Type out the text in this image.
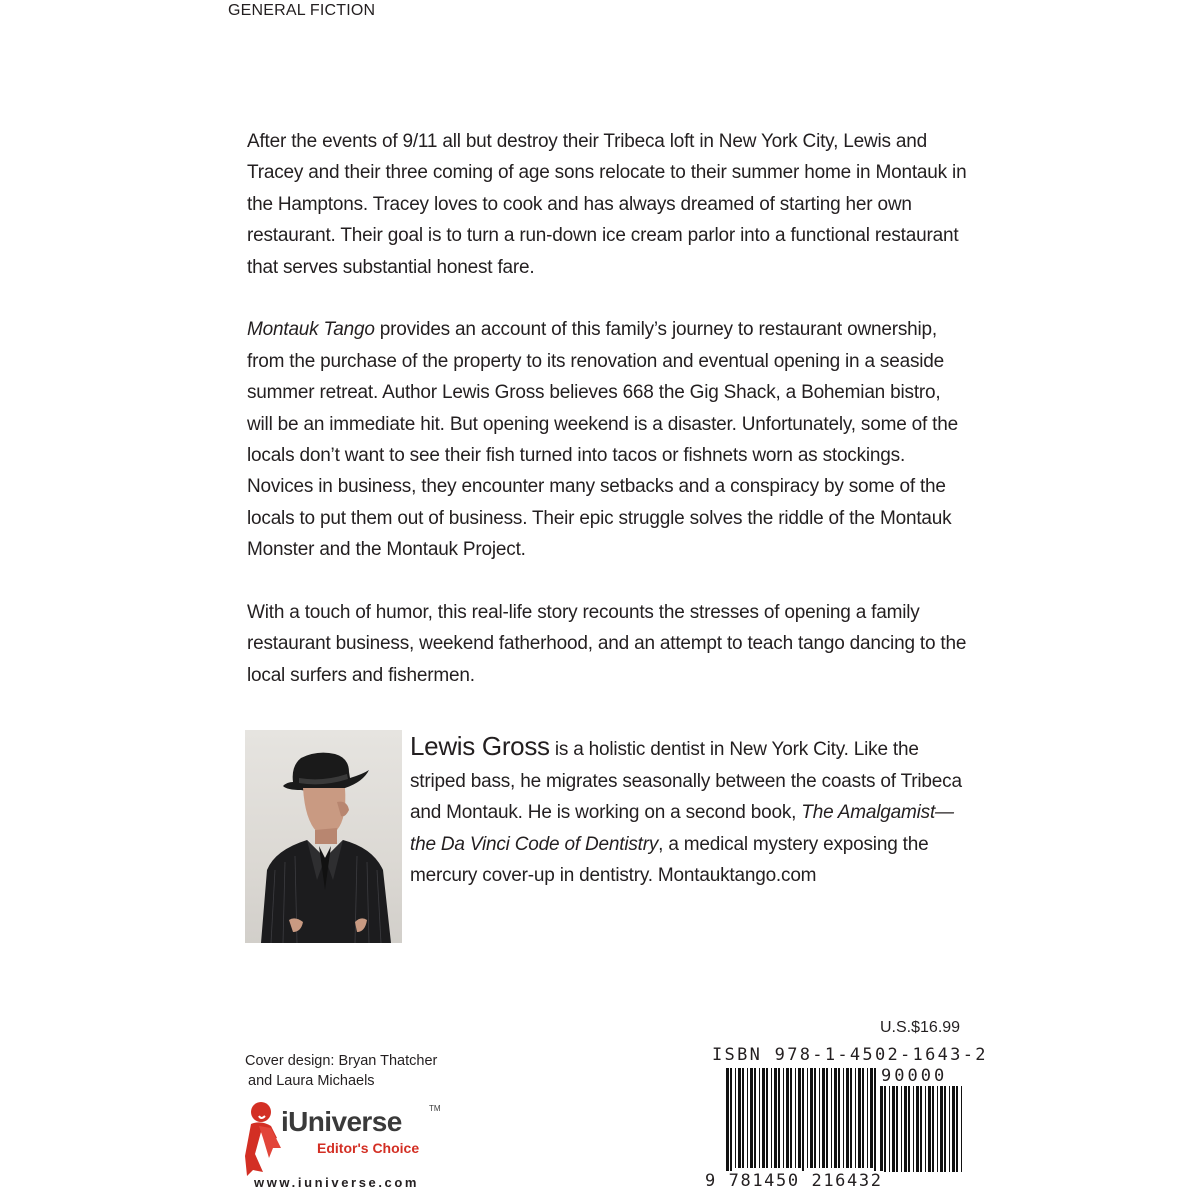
GENERAL FICTION

After the events of 9/11 all but destroy their Tribeca loft in New York City, Lewis and Tracey and their three coming of age sons relocate to their summer home in Montauk in the Hamptons. Tracey loves to cook and has always dreamed of starting her own restaurant. Their goal is to turn a run-down ice cream parlor into a functional restaurant that serves substantial honest fare.

Montauk Tango provides an account of this family’s journey to restaurant ownership, from the purchase of the property to its renovation and eventual opening in a seaside summer retreat. Author Lewis Gross believes 668 the Gig Shack, a Bohemian bistro, will be an immediate hit. But opening weekend is a disaster. Unfortunately, some of the locals don’t want to see their fish turned into tacos or fishnets worn as stockings. Novices in business, they encounter many setbacks and a conspiracy by some of the locals to put them out of business. Their epic struggle solves the riddle of the Montauk Monster and the Montauk Project.

With a touch of humor, this real-life story recounts the stresses of opening a family restaurant business, weekend fatherhood, and an attempt to teach tango dancing to the local surfers and fishermen.

Lewis Gross is a holistic dentist in New York City. Like the striped bass, he migrates seasonally between the coasts of Tribeca and Montauk. He is working on a second book, The Amalgamist—the Da Vinci Code of Dentistry, a medical mystery exposing the mercury cover-up in dentistry. Montauktango.com
Cover design: Bryan Thatcher
and Laura Michaels
iUniverse	TM
Editor's Choice
www.iuniverse.com
U.S.$16.99
ISBN 978-1-4502-1643-2
90000
9 781450 216432
